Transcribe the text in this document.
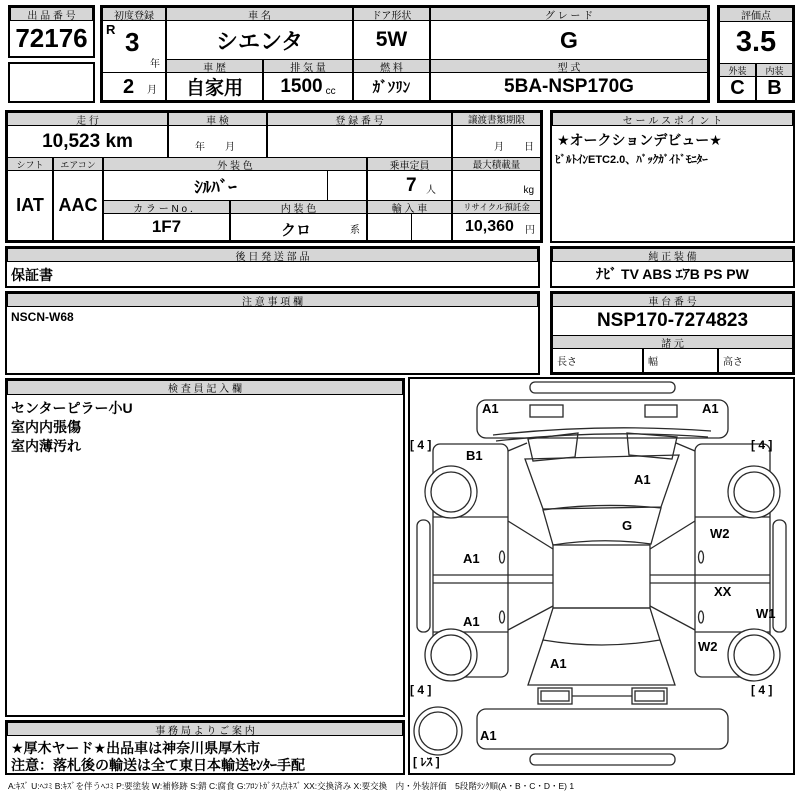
出 品 番 号
72176
初度登録
R 3
年
2 月
車 名
シエンタ
ドア形状
5W
グ レ ー ド
G
車 歴
自家用
排 気 量
1500 cc
燃 料
ｶﾞｿﾘﾝ
型 式
5BA-NSP170G
評価点
3.5
外装	内装
C	B
走 行
10,523 km
車 検
年　　月
登 録 番 号	譲渡書類期限
月　　日
シフト	エアコン
IAT AAC
外 装 色
ｼﾙﾊﾞｰ
乗車定員
7 人
最大積載量
kg
カ ラ ー N o ．
1F7
内 装 色
クロ	系
輸 入 車	リサイクル預託金
10,360 円
セ ー ル ス ポ イ ン ト
★オークションデビュー★
ﾋﾞﾙﾄｲﾝETC2.0、ﾊﾞｯｸｶﾞｲﾄﾞﾓﾆﾀｰ
後 日 発 送 部 品
保証書
純 正 装 備
ﾅﾋﾞ TV ABS ｴｱB PS PW
注 意 事 項 欄
NSCN-W68
車 台 番 号
NSP170-7274823
諸 元
長さ	幅	高さ
検 査 員 記 入 欄
センターピラー小U
室内内張傷
室内薄汚れ
事 務 局 よ り ご 案 内
★厚木ヤード★出品車は神奈川県厚木市
注意：落札後の輸送は全て東日本輸送ｾﾝﾀｰ手配
A1	A1
B1
A1
G
A1
W2
A1
XX
W1
W2
A1
A1
[ 4 ]	[ 4 ]
[ 4 ]	[ 4 ]
[ ﾚｽ ]
A:ｷｽﾞ U:ﾍｺﾐ B:ｷｽﾞを伴うﾍｺﾐ P:要塗装 W:補修跡 S:錆 C:腐食 G:ﾌﾛﾝﾄｶﾞﾗｽ点ｷｽﾞ XX:交換済み X:要交換　内・外装評価　5段階ﾗﾝｸ順(A・B・C・D・E) 1
